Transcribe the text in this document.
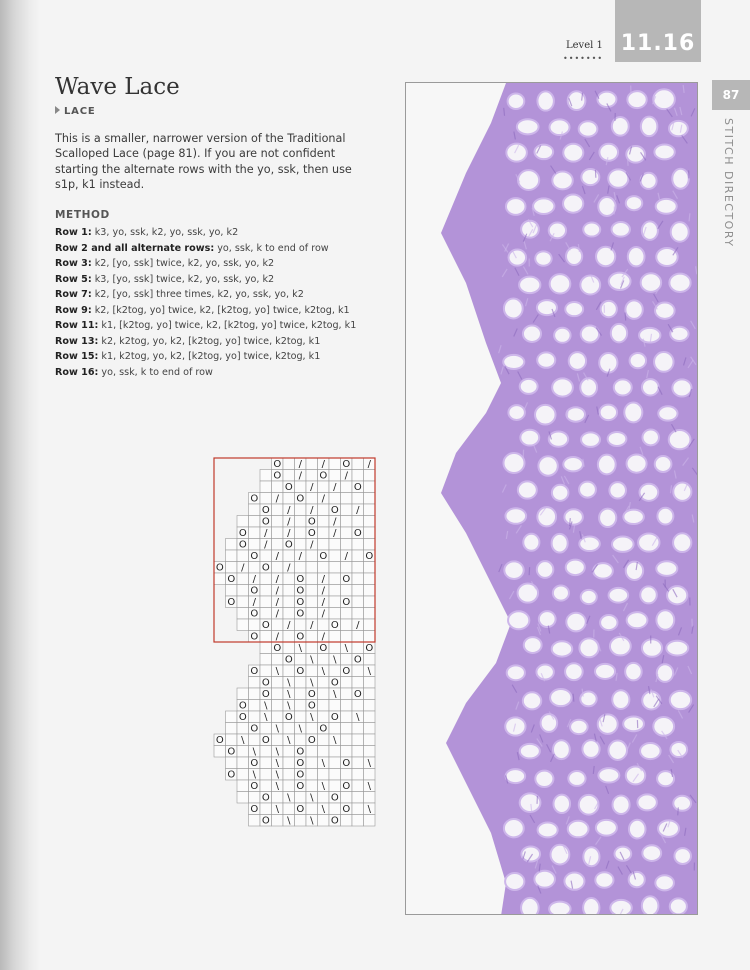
Level 1
•••••••
11.16
87
STITCH DIRECTORY
Wave Lace
LACE

This is a smaller, narrower version of the Traditional Scalloped Lace (page 81). If you are not confident starting the alternate rows with the yo, ssk, then use s1p, k1 instead.

METHOD
Row 1: k3, yo, ssk, k2, yo, ssk, yo, k2
Row 2 and all alternate rows: yo, ssk, k to end of row
Row 3: k2, [yo, ssk] twice, k2, yo, ssk, yo, k2
Row 5: k3, [yo, ssk] twice, k2, yo, ssk, yo, k2
Row 7: k2, [yo, ssk] three times, k2, yo, ssk, yo, k2
Row 9: k2, [k2tog, yo] twice, k2, [k2tog, yo] twice, k2tog, k1
Row 11: k1, [k2tog, yo] twice, k2, [k2tog, yo] twice, k2tog, k1
Row 13: k2, k2tog, yo, k2, [k2tog, yo] twice, k2tog, k1
Row 15: k1, k2tog, yo, k2, [k2tog, yo] twice, k2tog, k1
Row 16: yo, ssk, k to end of row
O / / O /
O / O /
O / / O
O / O /
O / / O /
O / O /
O / / O / O
O / O /
O / / O / O
O / O /
O / / O / O
O / O /
O / / O / O
O / O /
O / / O /
O / O /
O \ O \ O
O \ \ O
O \ O \ O \
O \ \ O
O \ O \ O
O \ \ O
O \ O \ O \
O \ \ O
O \ O \ O \
O \ \ O
O \ O \ O \
O \ \ O
O \ O \ O \
O \ \ O
O \ O \ O \
O \ \ O
